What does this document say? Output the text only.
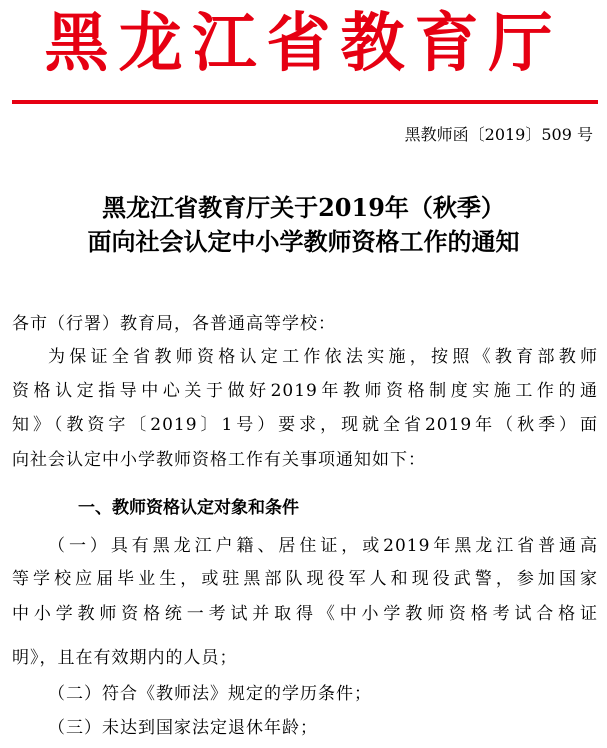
黑龙江省教育厅
黑教师函〔2019〕509 号
黑龙江省教育厅关于2019年（秋季）
面向社会认定中小学教师资格工作的通知
各市（行署）教育局，各普通高等学校：
为保证全省教师资格认定工作依法实施，按照《教育部教师
资格认定指导中心关于做好2019年教师资格制度实施工作的通
知》（教资字〔2019〕1号）要求，现就全省2019年（秋季）面
向社会认定中小学教师资格工作有关事项通知如下：
一、教师资格认定对象和条件
（一）具有黑龙江户籍、居住证，或2019年黑龙江省普通高
等学校应届毕业生，或驻黑部队现役军人和现役武警，参加国家
中小学教师资格统一考试并取得《中小学教师资格考试合格证
明》，且在有效期内的人员；
（二）符合《教师法》规定的学历条件；
（三）未达到国家法定退休年龄；
